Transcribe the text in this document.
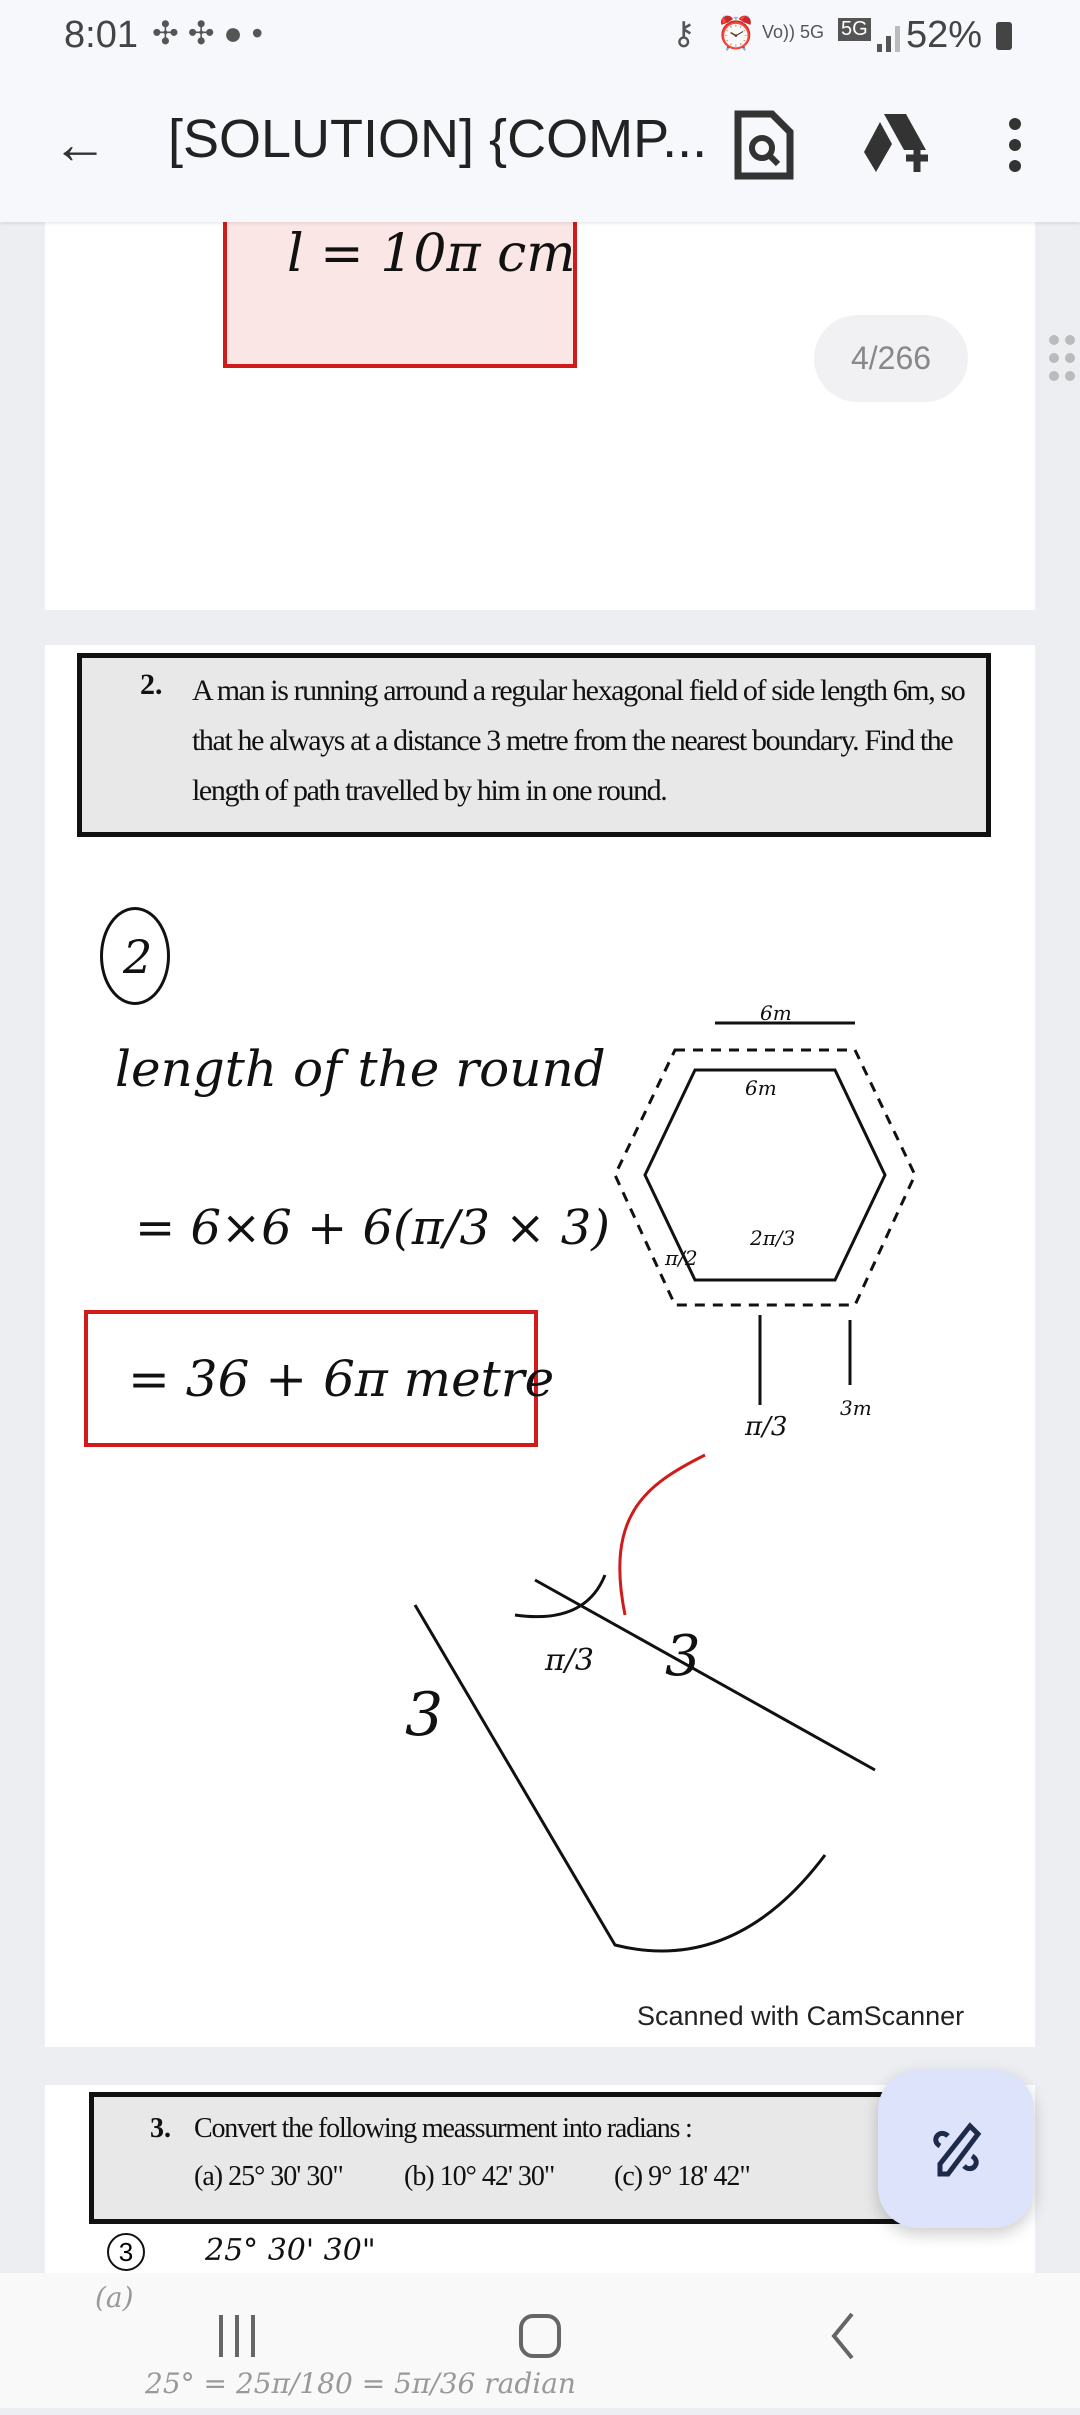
8:01 ✣ ✣ ● •	⚷ ⏰ Vo)) 5G 5G 52%
← [SOLUTION] {COMP...
l = 10π cm
4/266
2. A man is running arround a regular hexagonal field of side length 6m, so that he always at a distance 3 metre from the nearest boundary. Find the length of path travelled by him in one round.
2
length of the round
= 6×6 + 6(π/3 × 3)
= 36 + 6π metre
6m
6m
2π/3
π/2
π/3
3m
3
3
π/3
Scanned with CamScanner
3. Convert the following meassurment into radians :
(a) 25° 30' 30" (b) 10° 42' 30" (c) 9° 18' 42"
3	25° 30' 30"
(a)
25° = 25π/180 = 5π/36 radian
